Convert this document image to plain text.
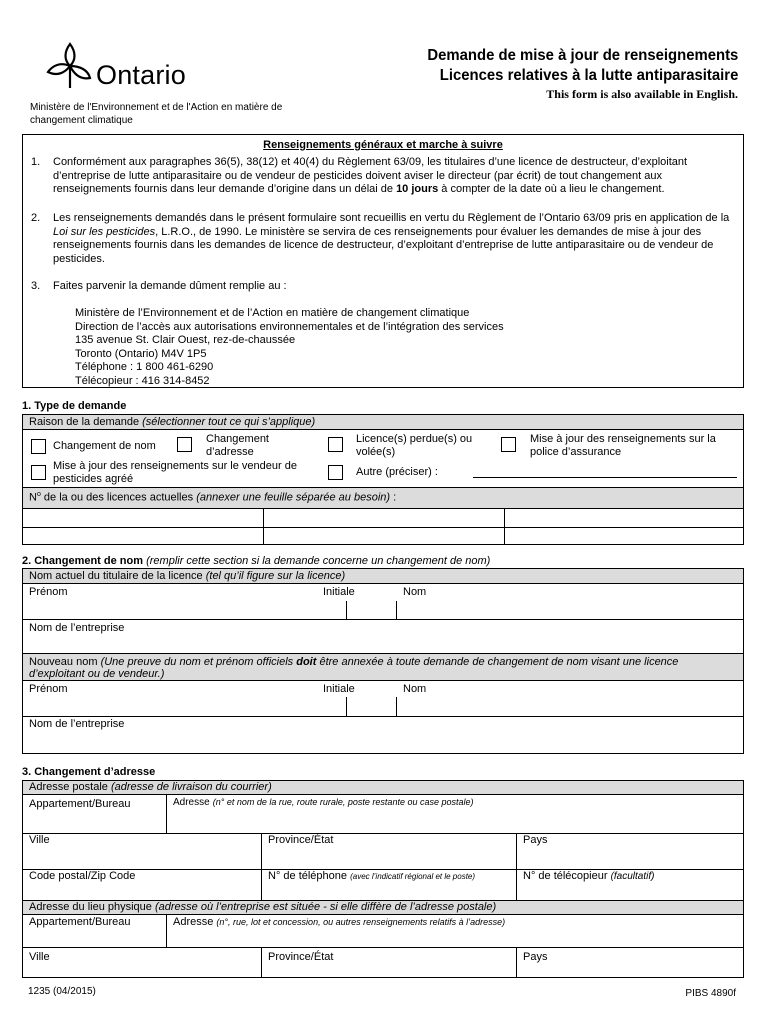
Ontario
Ministère de l'Environnement et de l'Action en matière de changement climatique
Demande de mise à jour de renseignements
Licences relatives à la lutte antiparasitaire
This form is also available in English.
Renseignements généraux et marche à suivre
1. Conformément aux paragraphes 36(5), 38(12) et 40(4) du Règlement 63/09, les titulaires d’une licence de destructeur, d’exploitant d’entreprise de lutte antiparasitaire ou de vendeur de pesticides doivent aviser le directeur (par écrit) de tout changement aux renseignements fournis dans leur demande d’origine dans un délai de 10 jours à compter de la date où a lieu le changement.
2. Les renseignements demandés dans le présent formulaire sont recueillis en vertu du Règlement de l’Ontario 63/09 pris en application de la Loi sur les pesticides, L.R.O., de 1990. Le ministère se servira de ces renseignements pour évaluer les demandes de mise à jour des renseignements fournis dans les demandes de licence de destructeur, d’exploitant d’entreprise de lutte antiparasitaire ou de vendeur de pesticides.
3. Faites parvenir la demande dûment remplie au :
Ministère de l’Environnement et de l’Action en matière de changement climatique
Direction de l’accès aux autorisations environnementales et de l’intégration des services
135 avenue St. Clair Ouest, rez-de-chaussée
Toronto (Ontario) M4V 1P5
Téléphone : 1 800 461-6290
Télécopieur : 416 314-8452
1. Type de demande
Raison de la demande (sélectionner tout ce qui s’applique)
Changement de nom
Changement d’adresse
Licence(s) perdue(s) ou volée(s)
Mise à jour des renseignements sur la police d’assurance
Mise à jour des renseignements sur le vendeur de pesticides agréé
Autre (préciser) :
$N^o$ de la ou des licences actuelles (annexer une feuille séparée au besoin) :
2. Changement de nom (remplir cette section si la demande concerne un changement de nom)
Nom actuel du titulaire de la licence (tel qu’il figure sur la licence)
Prénom	Initiale	Nom
Nom de l’entreprise
Nouveau nom (Une preuve du nom et prénom officiels doit être annexée à toute demande de changement de nom visant une licence d’exploitant ou de vendeur.)
Prénom	Initiale	Nom
Nom de l’entreprise
3. Changement d’adresse
Adresse postale (adresse de livraison du courrier)
Appartement/Bureau	Adresse (n° et nom de la rue, route rurale, poste restante ou case postale)
Ville	Province/État	Pays
Code postal/Zip Code	N° de téléphone (avec l’indicatif régional et le poste)	N° de télécopieur (facultatif)
Adresse du lieu physique (adresse où l’entreprise est située - si elle diffère de l’adresse postale)
Appartement/Bureau	Adresse (n°, rue, lot et concession, ou autres renseignements relatifs à l’adresse)
Ville	Province/État	Pays
1235 (04/2015)	PIBS 4890f
